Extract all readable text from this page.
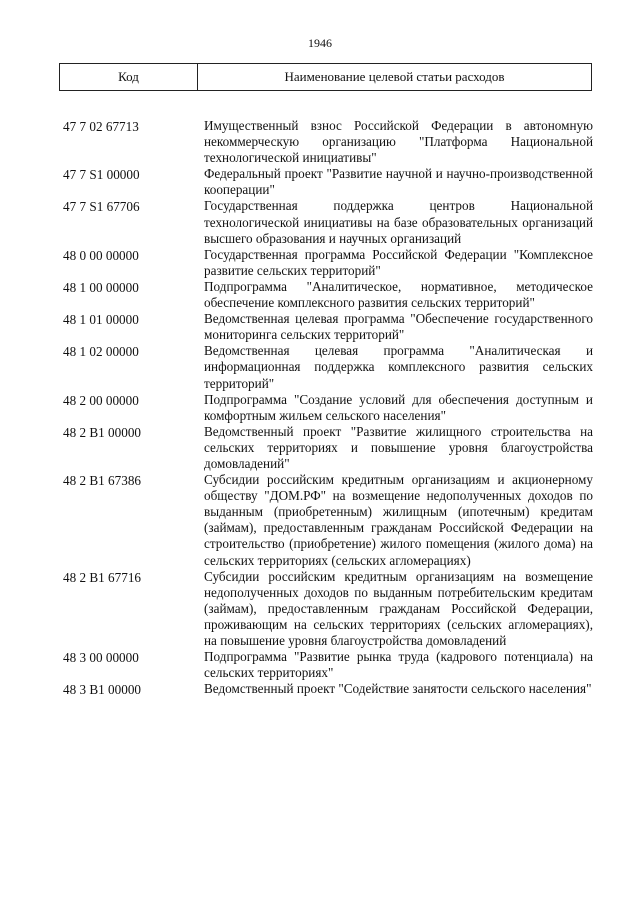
1946
Код	Наименование целевой статьи расходов
47 7 02 67713	Имущественный взнос Российской Федерации в автономную некоммерческую организацию "Платформа Национальной технологической инициативы"
47 7 S1 00000	Федеральный проект "Развитие научной и научно-производственной кооперации"
47 7 S1 67706	Государственная поддержка центров Национальной технологической инициативы на базе образовательных организаций высшего образования и научных организаций
48 0 00 00000	Государственная программа Российской Федерации "Комплексное развитие сельских территорий"
48 1 00 00000	Подпрограмма "Аналитическое, нормативное, методическое обеспечение комплексного развития сельских территорий"
48 1 01 00000	Ведомственная целевая программа "Обеспечение государственного мониторинга сельских территорий"
48 1 02 00000	Ведомственная целевая программа "Аналитическая и информационная поддержка комплексного развития сельских территорий"
48 2 00 00000	Подпрограмма "Создание условий для обеспечения доступным и комфортным жильем сельского населения"
48 2 B1 00000	Ведомственный проект "Развитие жилищного строительства на сельских территориях и повышение уровня благоустройства домовладений"
48 2 B1 67386	Субсидии российским кредитным организациям и акционерному обществу "ДОМ.РФ" на возмещение недополученных доходов по выданным (приобретенным) жилищным (ипотечным) кредитам (займам), предоставленным гражданам Российской Федерации на строительство (приобретение) жилого помещения (жилого дома) на сельских территориях (сельских агломерациях)
48 2 B1 67716	Субсидии российским кредитным организациям на возмещение недополученных доходов по выданным потребительским кредитам (займам), предоставленным гражданам Российской Федерации, проживающим на сельских территориях (сельских агломерациях), на повышение уровня благоустройства домовладений
48 3 00 00000	Подпрограмма "Развитие рынка труда (кадрового потенциала) на сельских территориях"
48 3 B1 00000	Ведомственный проект "Содействие занятости сельского населения"
